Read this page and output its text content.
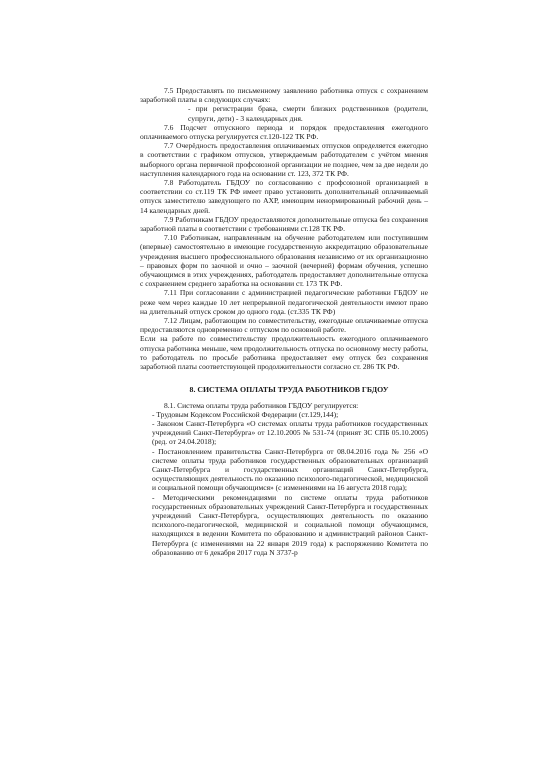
7.5 Предоставлять по письменному заявлению работника отпуск с сохранением заработной платы в следующих случаях:

- при регистрации брака, смерти близких родственников (родители, супруги, дети) - 3 календарных дня.

7.6 Подсчет отпускного периода и порядок предоставления ежегодного оплачиваемого отпуска регулируется ст.120-122 ТК РФ.

7.7 Очерёдность предоставления оплачиваемых отпусков определяется ежегодно в соответствии с графиком отпусков, утверждаемым работодателем с учётом мнения выборного органа первичной профсоюзной организации не позднее, чем за две недели до наступления календарного года на основании ст. 123, 372 ТК РФ.

7.8 Работодатель ГБДОУ по согласованию с профсоюзной организацией в соответствии со ст.119 ТК РФ имеет право установить дополнительный оплачиваемый отпуск заместителю заведующего по АХР, имеющим ненормированный рабочий день – 14 календарных дней.

7.9 Работникам ГБДОУ предоставляются дополнительные отпуска без сохранения заработной платы в соответствии с требованиями ст.128 ТК РФ.

7.10 Работникам, направленным на обучение работодателем или поступившим (впервые) самостоятельно в имеющие государственную аккредитацию образовательные учреждения высшего профессионального образования независимо от их организационно – правовых форм по заочной и очно – заочной (вечерней) формам обучения, успешно обучающимся в этих учреждениях, работодатель предоставляет дополнительные отпуска с сохранением среднего заработка на основании ст. 173 ТК РФ.

7.11 При согласовании с администрацией педагогические работники ГБДОУ не реже чем через каждые 10 лет непрерывной педагогической деятельности имеют право на длительный отпуск сроком до одного года. (ст.335 ТК РФ)

7.12 Лицам, работающим по совместительству, ежегодные оплачиваемые отпуска предоставляются одновременно с отпуском по основной работе.

Если на работе по совместительству продолжительность ежегодного оплачиваемого отпуска работника меньше, чем продолжительность отпуска по основному месту работы, то работодатель по просьбе работника предоставляет ему отпуск без сохранения заработной платы соответствующей продолжительности согласно ст. 286 ТК РФ.

8. СИСТЕМА ОПЛАТЫ ТРУДА РАБОТНИКОВ ГБДОУ

8.1. Система оплаты труда работников ГБДОУ регулируется:

- Трудовым Кодексом Российской Федерации (ст.129,144);

- Законом Санкт-Петербурга «О системах оплаты труда работников государственных учреждений Санкт-Петербурга» от 12.10.2005 № 531-74 (принят ЗС СПБ 05.10.2005) (ред. от 24.04.2018);

- Постановлением правительства Санкт-Петербурга от 08.04.2016 года № 256 «О системе оплаты труда работников государственных образовательных организаций Санкт-Петербурга и государственных организаций Санкт-Петербурга, осуществляющих деятельность по оказанию психолого-педагогической, медицинской и социальной помощи обучающимся» (с изменениями на 16 августа 2018 года);

- Методическими рекомендациями по системе оплаты труда работников государственных образовательных учреждений Санкт-Петербурга и государственных учреждений Санкт-Петербурга, осуществляющих деятельность по оказанию психолого-педагогической, медицинской и социальной помощи обучающимся, находящихся в ведении Комитета по образованию и администраций районов Санкт-Петербурга (с изменениями на 22 января 2019 года) к распоряжению Комитета по образованию от 6 декабря 2017 года N 3737-р
